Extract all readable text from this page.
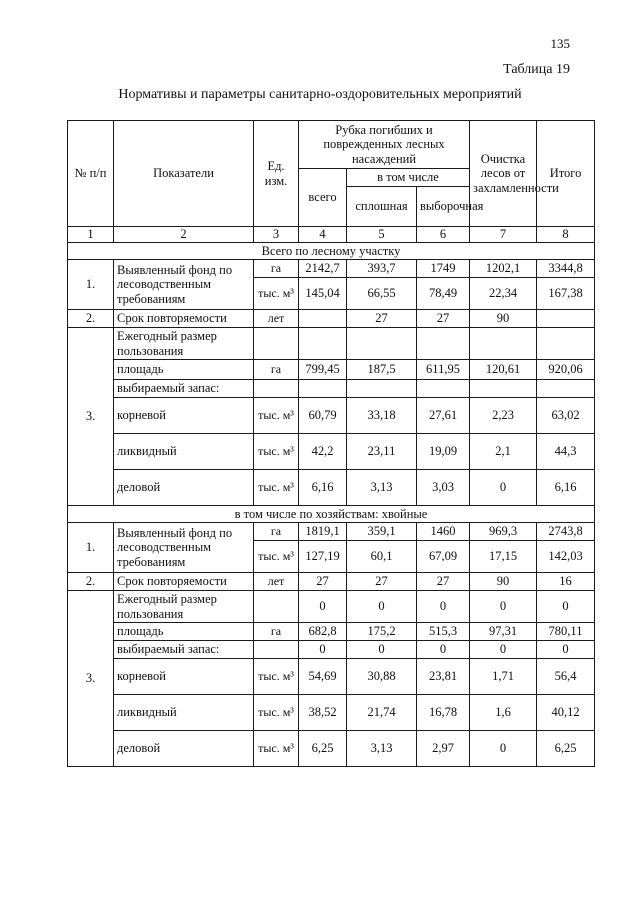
135
Таблица 19
Нормативы и параметры санитарно-оздоровительных мероприятий
№ п/п	Показатели	Ед. изм.	Рубка погибших и поврежденных лесных насаждений			Очистка лесов от захламленности	Итого
			всего	в том числе			
				сплошная	выборочная		
1	2	3	4	5	6	7	8
Всего по лесному участку							
1.	Выявленный фонд по лесоводственным требованиям	га	2142,7	393,7	1749	1202,1	3344,8
		тыс. м³	145,04	66,55	78,49	22,34	167,38
2.	Срок повторяемости	лет		27	27	90	
3.	Ежегодный размер пользования						
	площадь	га	799,45	187,5	611,95	120,61	920,06
	выбираемый запас:						
	корневой	тыс. м³	60,79	33,18	27,61	2,23	63,02
	ликвидный	тыс. м³	42,2	23,11	19,09	2,1	44,3
	деловой	тыс. м³	6,16	3,13	3,03	0	6,16
в том числе по хозяйствам: хвойные							
1.	Выявленный фонд по лесоводственным требованиям	га	1819,1	359,1	1460	969,3	2743,8
		тыс. м³	127,19	60,1	67,09	17,15	142,03
2.	Срок повторяемости	лет	27	27	27	90	16
3.	Ежегодный размер пользования		0	0	0	0	0
	площадь	га	682,8	175,2	515,3	97,31	780,11
	выбираемый запас:		0	0	0	0	0
	корневой	тыс. м³	54,69	30,88	23,81	1,71	56,4
	ликвидный	тыс. м³	38,52	21,74	16,78	1,6	40,12
	деловой	тыс. м³	6,25	3,13	2,97	0	6,25
